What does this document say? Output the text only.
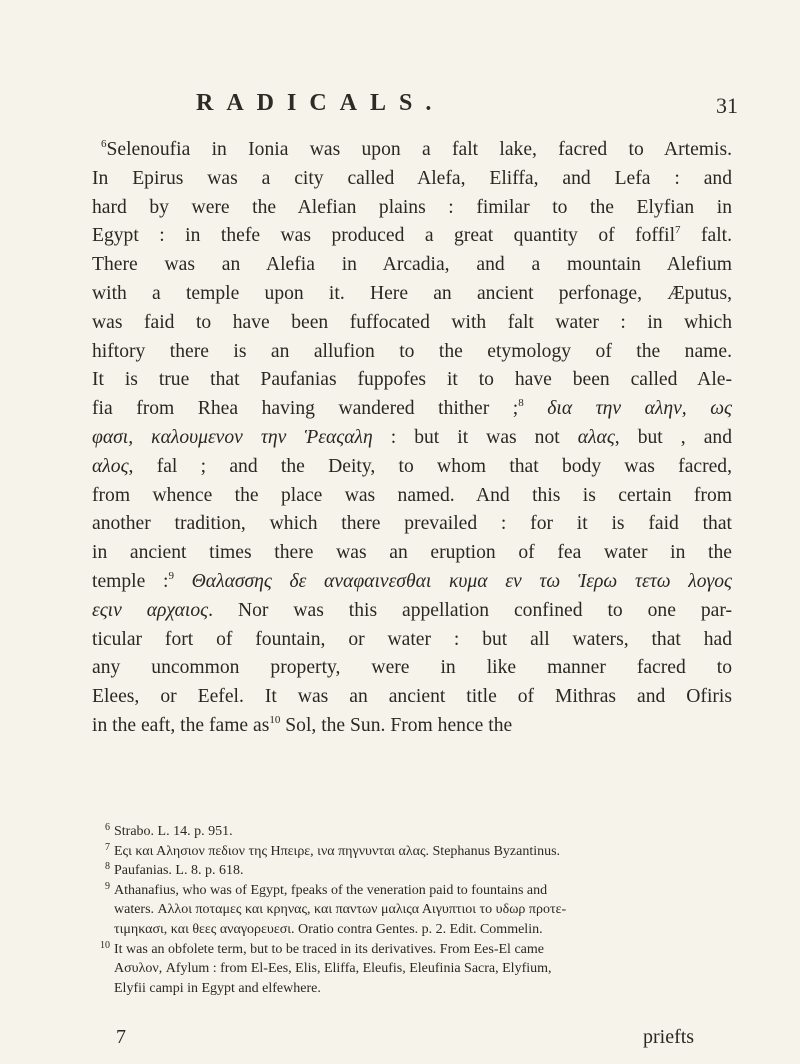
RADICALS.	31
$^6$Selenoufia in Ionia was upon a falt lake, facred to Artemis.
In Epirus was a city called Alefa, Eliffa, and Lefa : and
hard by were the Alefian plains : fimilar to the Elyfian in
Egypt : in thefe was produced a great quantity of foffil$^7$ falt.
There was an Alefia in Arcadia, and a mountain Alefium
with a temple upon it. Here an ancient perfonage, Æputus,
was faid to have been fuffocated with falt water : in which
hiftory there is an allufion to the etymology of the name.
It is true that Paufanias fuppofes it to have been called Ale-
fia from Rhea having wandered thither ;$^8$ δια την αλην, ως
φασι, καλουμενον την Ῥεαςαλη : but it was not αλας, but , and
αλος, fal ; and the Deity, to whom that body was facred,
from whence the place was named. And this is certain from
another tradition, which there prevailed : for it is faid that
in ancient times there was an eruption of fea water in the
temple :$^9$ Θαλασσης δε αναφαινεσθαι κυμα εν τω Ἱερω τετω λογος
εςιν αρχαιος. Nor was this appellation confined to one par-
ticular fort of fountain, or water : but all waters, that had
any uncommon property, were in like manner facred to
Elees, or Eefel. It was an ancient title of Mithras and Ofiris
in the eaft, the fame $as^{10}$ Sol, the Sun. From hence the
6 Strabo. L. 14. p. 951.
7 Εςι και Αλησιον πεδιον της Ηπειρε, ινα πηγνυνται αλας. Stephanus Byzantinus.
8 Paufanias. L. 8. p. 618.
9 Athanafius, who was of Egypt, fpeaks of the veneration paid to fountains and
waters. Αλλοι ποταμες και κρηνας, και παντων μαλιςα Αιγυπτιοι το υδωρ προτε-
τιμηκασι, και θεες αναγορευεσι. Oratio contra Gentes. p. 2. Edit. Commelin.
10 It was an obfolete term, but to be traced in its derivatives. From Ees-El came
Ασυλον, Afylum : from El-Ees, Elis, Eliffa, Eleufis, Eleufinia Sacra, Elyfium,
Elyfii campi in Egypt and elfewhere.
7	priefts
